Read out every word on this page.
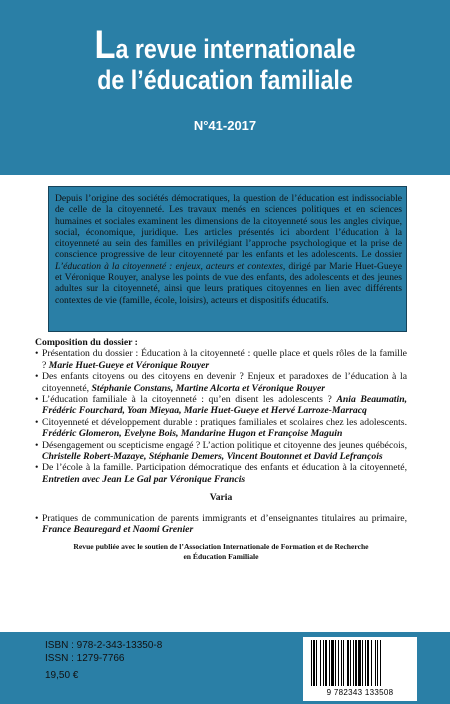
La revue internationale
de l’éducation familiale
N°41-2017
Depuis l’origine des sociétés démocratiques, la question de l’éducation est indissociable de celle de la citoyenneté. Les travaux menés en sciences politiques et en sciences humaines et sociales examinent les dimensions de la citoyenneté sous les angles civique, social, économique, juridique. Les articles présentés ici abordent l’éducation à la citoyenneté au sein des familles en privilégiant l’approche psychologique et la prise de conscience progressive de leur citoyenneté par les enfants et les adolescents. Le dossier L’éducation à la citoyenneté : enjeux, acteurs et contextes, dirigé par Marie Huet-Gueye et Véronique Rouyer, analyse les points de vue des enfants, des adolescents et des jeunes adultes sur la citoyenneté, ainsi que leurs pratiques citoyennes en lien avec différents contextes de vie (famille, école, loisirs), acteurs et dispositifs éducatifs.
Composition du dossier :
• Présentation du dossier : Éducation à la citoyenneté : quelle place et quels rôles de la famille ? Marie Huet-Gueye et Véronique Rouyer
• Des enfants citoyens ou des citoyens en devenir ? Enjeux et paradoxes de l’éducation à la citoyenneté, Stéphanie Constans, Martine Alcorta et Véronique Rouyer
• L’éducation familiale à la citoyenneté : qu’en disent les adolescents ? Ania Beaumatin, Frédéric Fourchard, Yoan Mieyaa, Marie Huet-Gueye et Hervé Larroze-Marracq
• Citoyenneté et développement durable : pratiques familiales et scolaires chez les adolescents. Frédéric Glomeron, Evelyne Bois, Mandarine Hugon et Françoise Maguin
• Désengagement ou scepticisme engagé ? L’action politique et citoyenne des jeunes québécois, Christelle Robert-Mazaye, Stéphanie Demers, Vincent Boutonnet et David Lefrançois
• De l’école à la famille. Participation démocratique des enfants et éducation à la citoyenneté, Entretien avec Jean Le Gal par Véronique Francis
Varia
• Pratiques de communication de parents immigrants et d’enseignantes titulaires au primaire, France Beauregard et Naomi Grenier
Revue publiée avec le soutien de l’Association Internationale de Formation et de Recherche
en Éducation Familiale
ISBN : 978-2-343-13350-8
ISSN : 1279-7766
19,50 €
9 782343 133508
